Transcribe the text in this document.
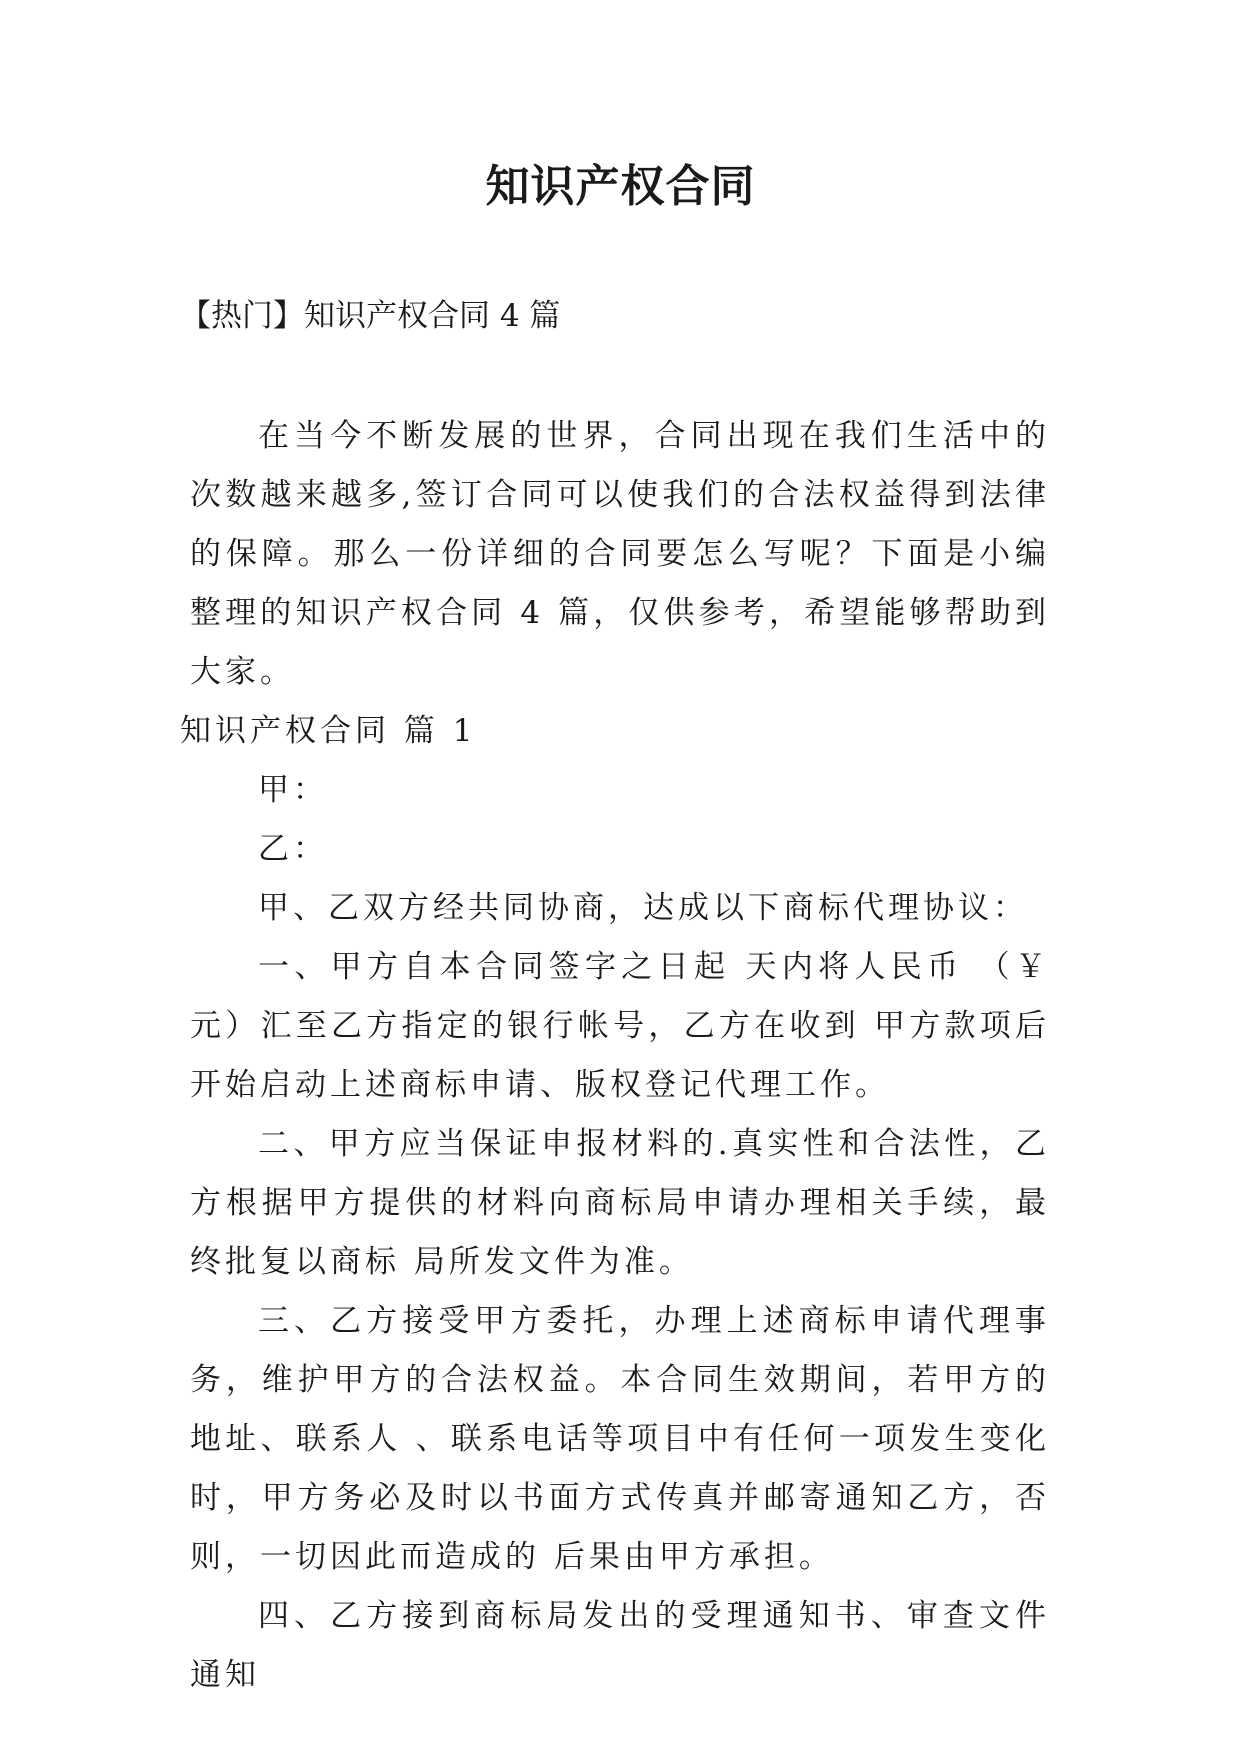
知识产权合同

【热门】知识产权合同 4 篇

在当今不断发展的世界，合同出现在我们生活中的次数越来越多,签订合同可以使我们的合法权益得到法律的保障。那么一份详细的合同要怎么写呢？下面是小编整理的知识产权合同 4 篇，仅供参考，希望能够帮助到大家。

知识产权合同 篇 1

甲：

乙：

甲、乙双方经共同协商，达成以下商标代理协议：

一、甲方自本合同签字之日起 天内将人民币 （￥ 元）汇至乙方指定的银行帐号，乙方在收到 甲方款项后开始启动上述商标申请、版权登记代理工作。

二、甲方应当保证申报材料的.真实性和合法性，乙方根据甲方提供的材料向商标局申请办理相关手续，最终批复以商标 局所发文件为准。

三、乙方接受甲方委托，办理上述商标申请代理事务，维护甲方的合法权益。本合同生效期间，若甲方的地址、联系人 、联系电话等项目中有任何一项发生变化时，甲方务必及时以书面方式传真并邮寄通知乙方，否则，一切因此而造成的 后果由甲方承担。

四、乙方接到商标局发出的受理通知书、审查文件通知
